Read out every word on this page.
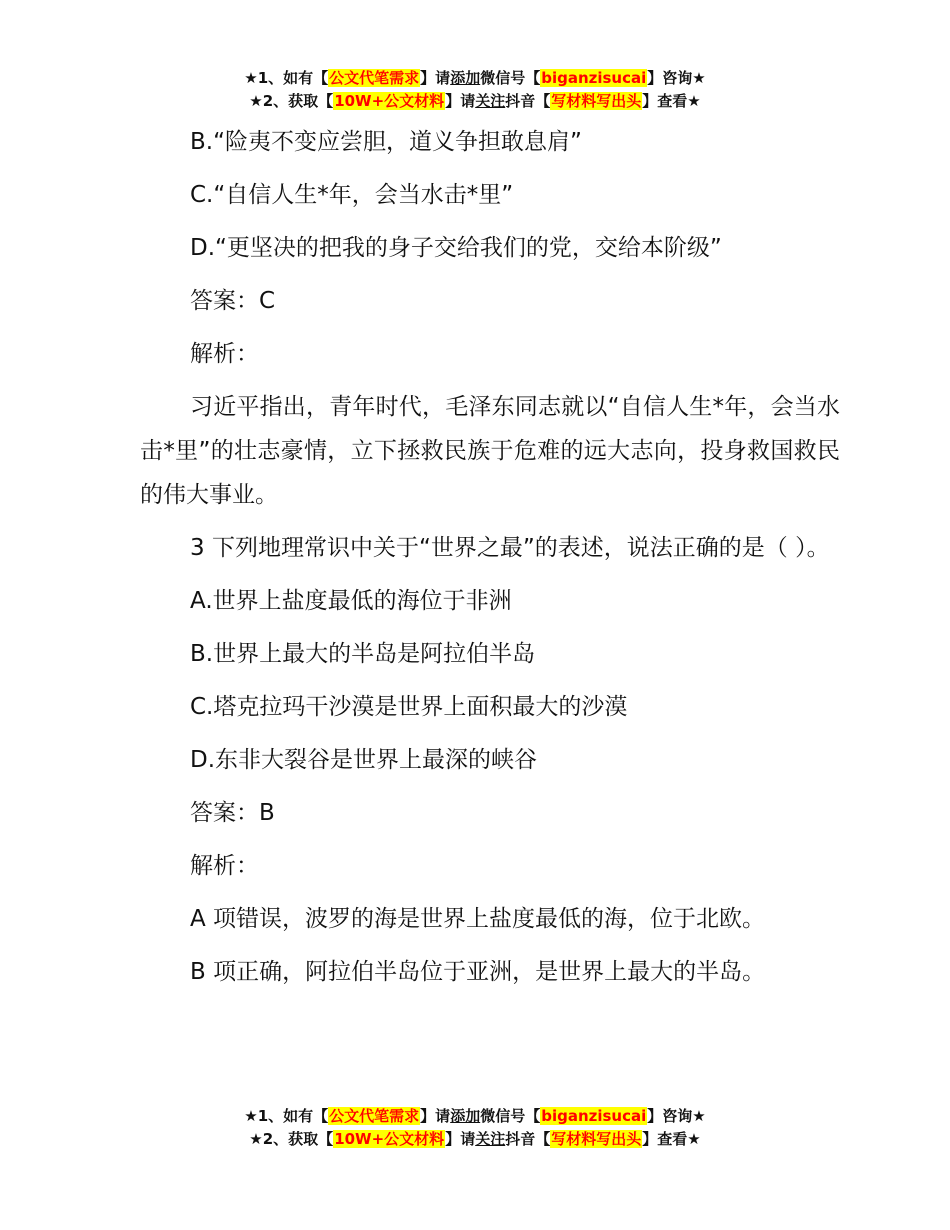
★1、如有【公文代笔需求】请添加微信号【biganzisucai】咨询★
★2、获取【10W+公文材料】请关注抖音【写材料写出头】查看★

B.“险夷不变应尝胆，道义争担敢息肩”

C.“自信人生*年，会当水击*里”

D.“更坚决的把我的身子交给我们的党，交给本阶级”

答案：C

解析：

习近平指出，青年时代，毛泽东同志就以“自信人生*年，会当水击*里”的壮志豪情，立下拯救民族于危难的远大志向，投身救国救民的伟大事业。

3 下列地理常识中关于“世界之最”的表述，说法正确的是（ ）。

A.世界上盐度最低的海位于非洲

B.世界上最大的半岛是阿拉伯半岛

C.塔克拉玛干沙漠是世界上面积最大的沙漠

D.东非大裂谷是世界上最深的峡谷

答案：B

解析：

A 项错误，波罗的海是世界上盐度最低的海，位于北欧。

B 项正确，阿拉伯半岛位于亚洲，是世界上最大的半岛。

★1、如有【公文代笔需求】请添加微信号【biganzisucai】咨询★
★2、获取【10W+公文材料】请关注抖音【写材料写出头】查看★
